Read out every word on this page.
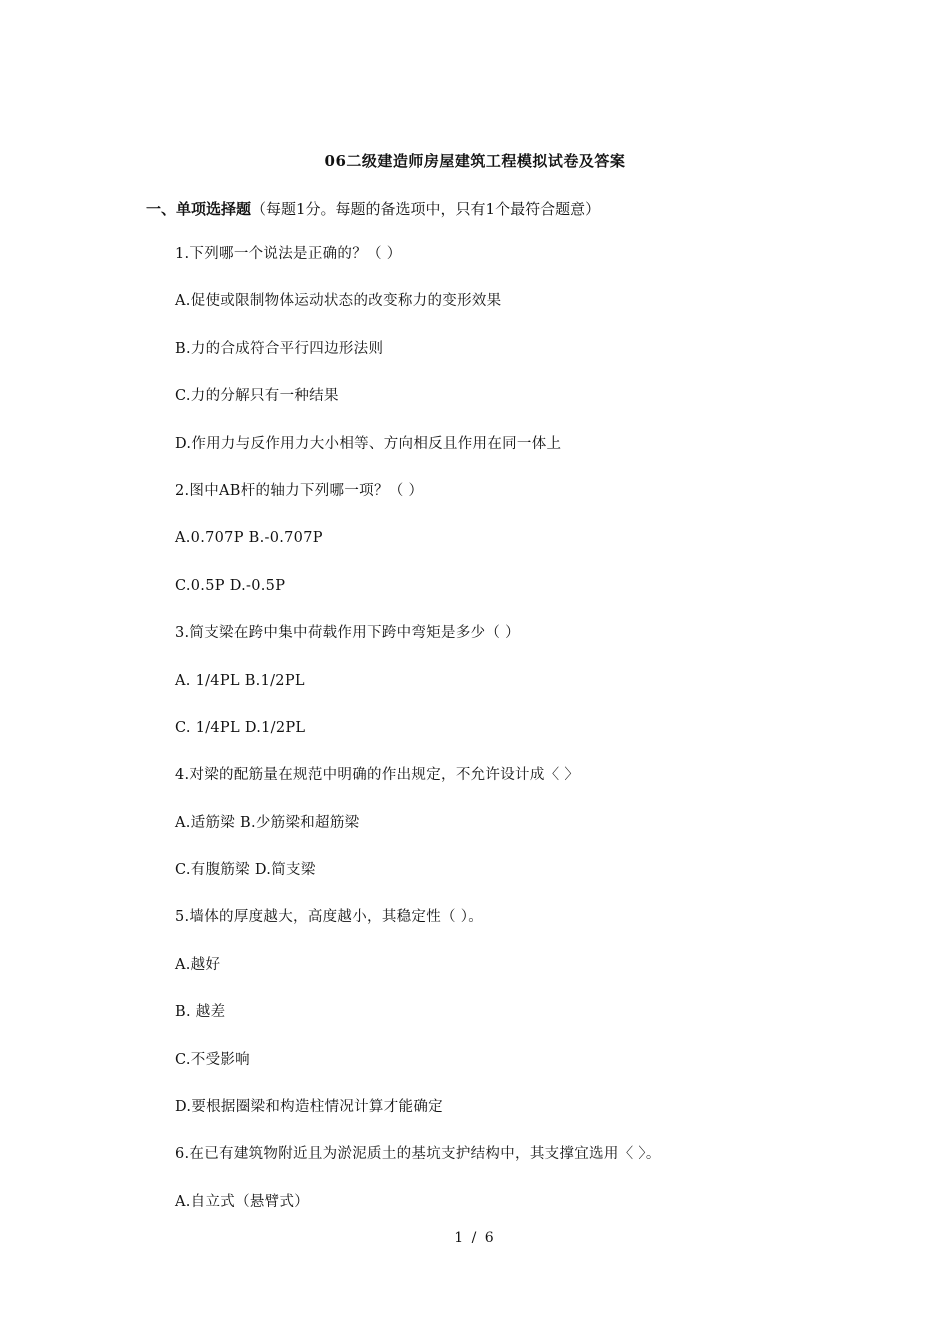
06二级建造师房屋建筑工程模拟试卷及答案
一、单项选择题（每题1分。每题的备选项中，只有1个最符合题意）
1.下列哪一个说法是正确的？（ ）
A.促使或限制物体运动状态的改变称力的变形效果
B.力的合成符合平行四边形法则
C.力的分解只有一种结果
D.作用力与反作用力大小相等、方向相反且作用在同一体上
2.图中AB杆的轴力下列哪一项？（ ）
A.0.707P B.-0.707P
C.0.5P D.-0.5P
3.简支梁在跨中集中荷载作用下跨中弯矩是多少（ ）
A. 1/4PL B.1/2PL
C. 1/4PL D.1/2PL
4.对梁的配筋量在规范中明确的作出规定，不允许设计成〈 〉
A.适筋梁 B.少筋梁和超筋梁
C.有腹筋梁 D.简支梁
5.墙体的厚度越大，高度越小，其稳定性（ ）。
A.越好
B. 越差
C.不受影响
D.要根据圈梁和构造柱情况计算才能确定
6.在已有建筑物附近且为淤泥质土的基坑支护结构中，其支撑宜选用〈 〉。
A.自立式（悬臂式）
1 / 6
